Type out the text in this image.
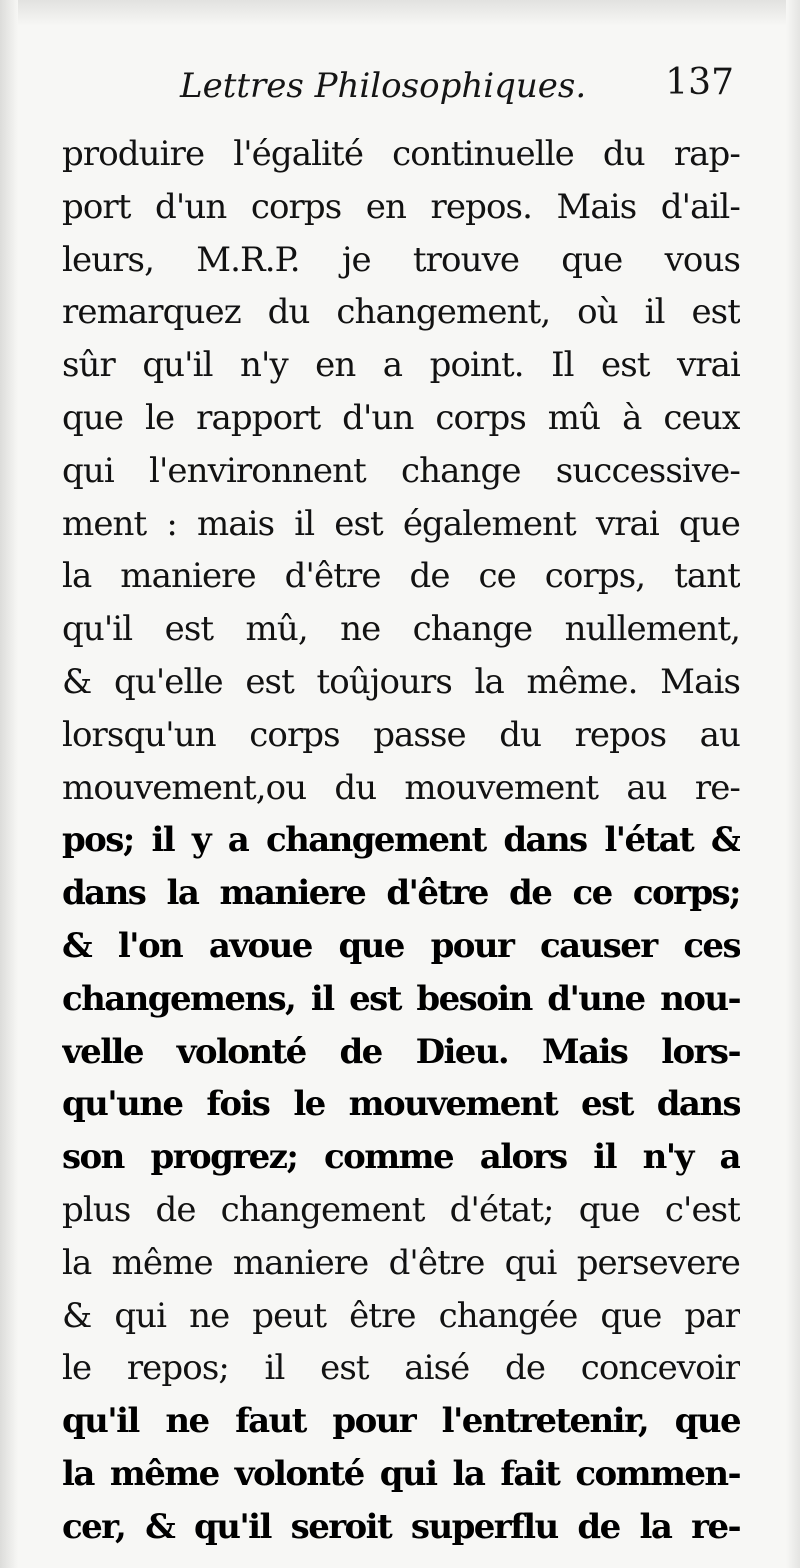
Lettres Philosophiques. 137
produire l'égalité continuelle du rap-
port d'un corps en repos. Mais d'ail-
leurs, M.R.P. je trouve que vous
remarquez du changement, où il est
sûr qu'il n'y en a point. Il est vrai
que le rapport d'un corps mû à ceux
qui l'environnent change successive-
ment : mais il est également vrai que
la maniere d'être de ce corps, tant
qu'il est mû, ne change nullement,
& qu'elle est toûjours la même. Mais
lorsqu'un corps passe du repos au
mouvement,ou du mouvement au re-
pos; il y a changement dans l'état &
dans la maniere d'être de ce corps;
& l'on avoue que pour causer ces
changemens, il est besoin d'une nou-
velle volonté de Dieu. Mais lors-
qu'une fois le mouvement est dans
son progrez; comme alors il n'y a
plus de changement d'état; que c'est
la même maniere d'être qui persevere
& qui ne peut être changée que par
le repos; il est aisé de concevoir
qu'il ne faut pour l'entretenir, que
la même volonté qui la fait commen-
cer, & qu'il seroit superflu de la re-
